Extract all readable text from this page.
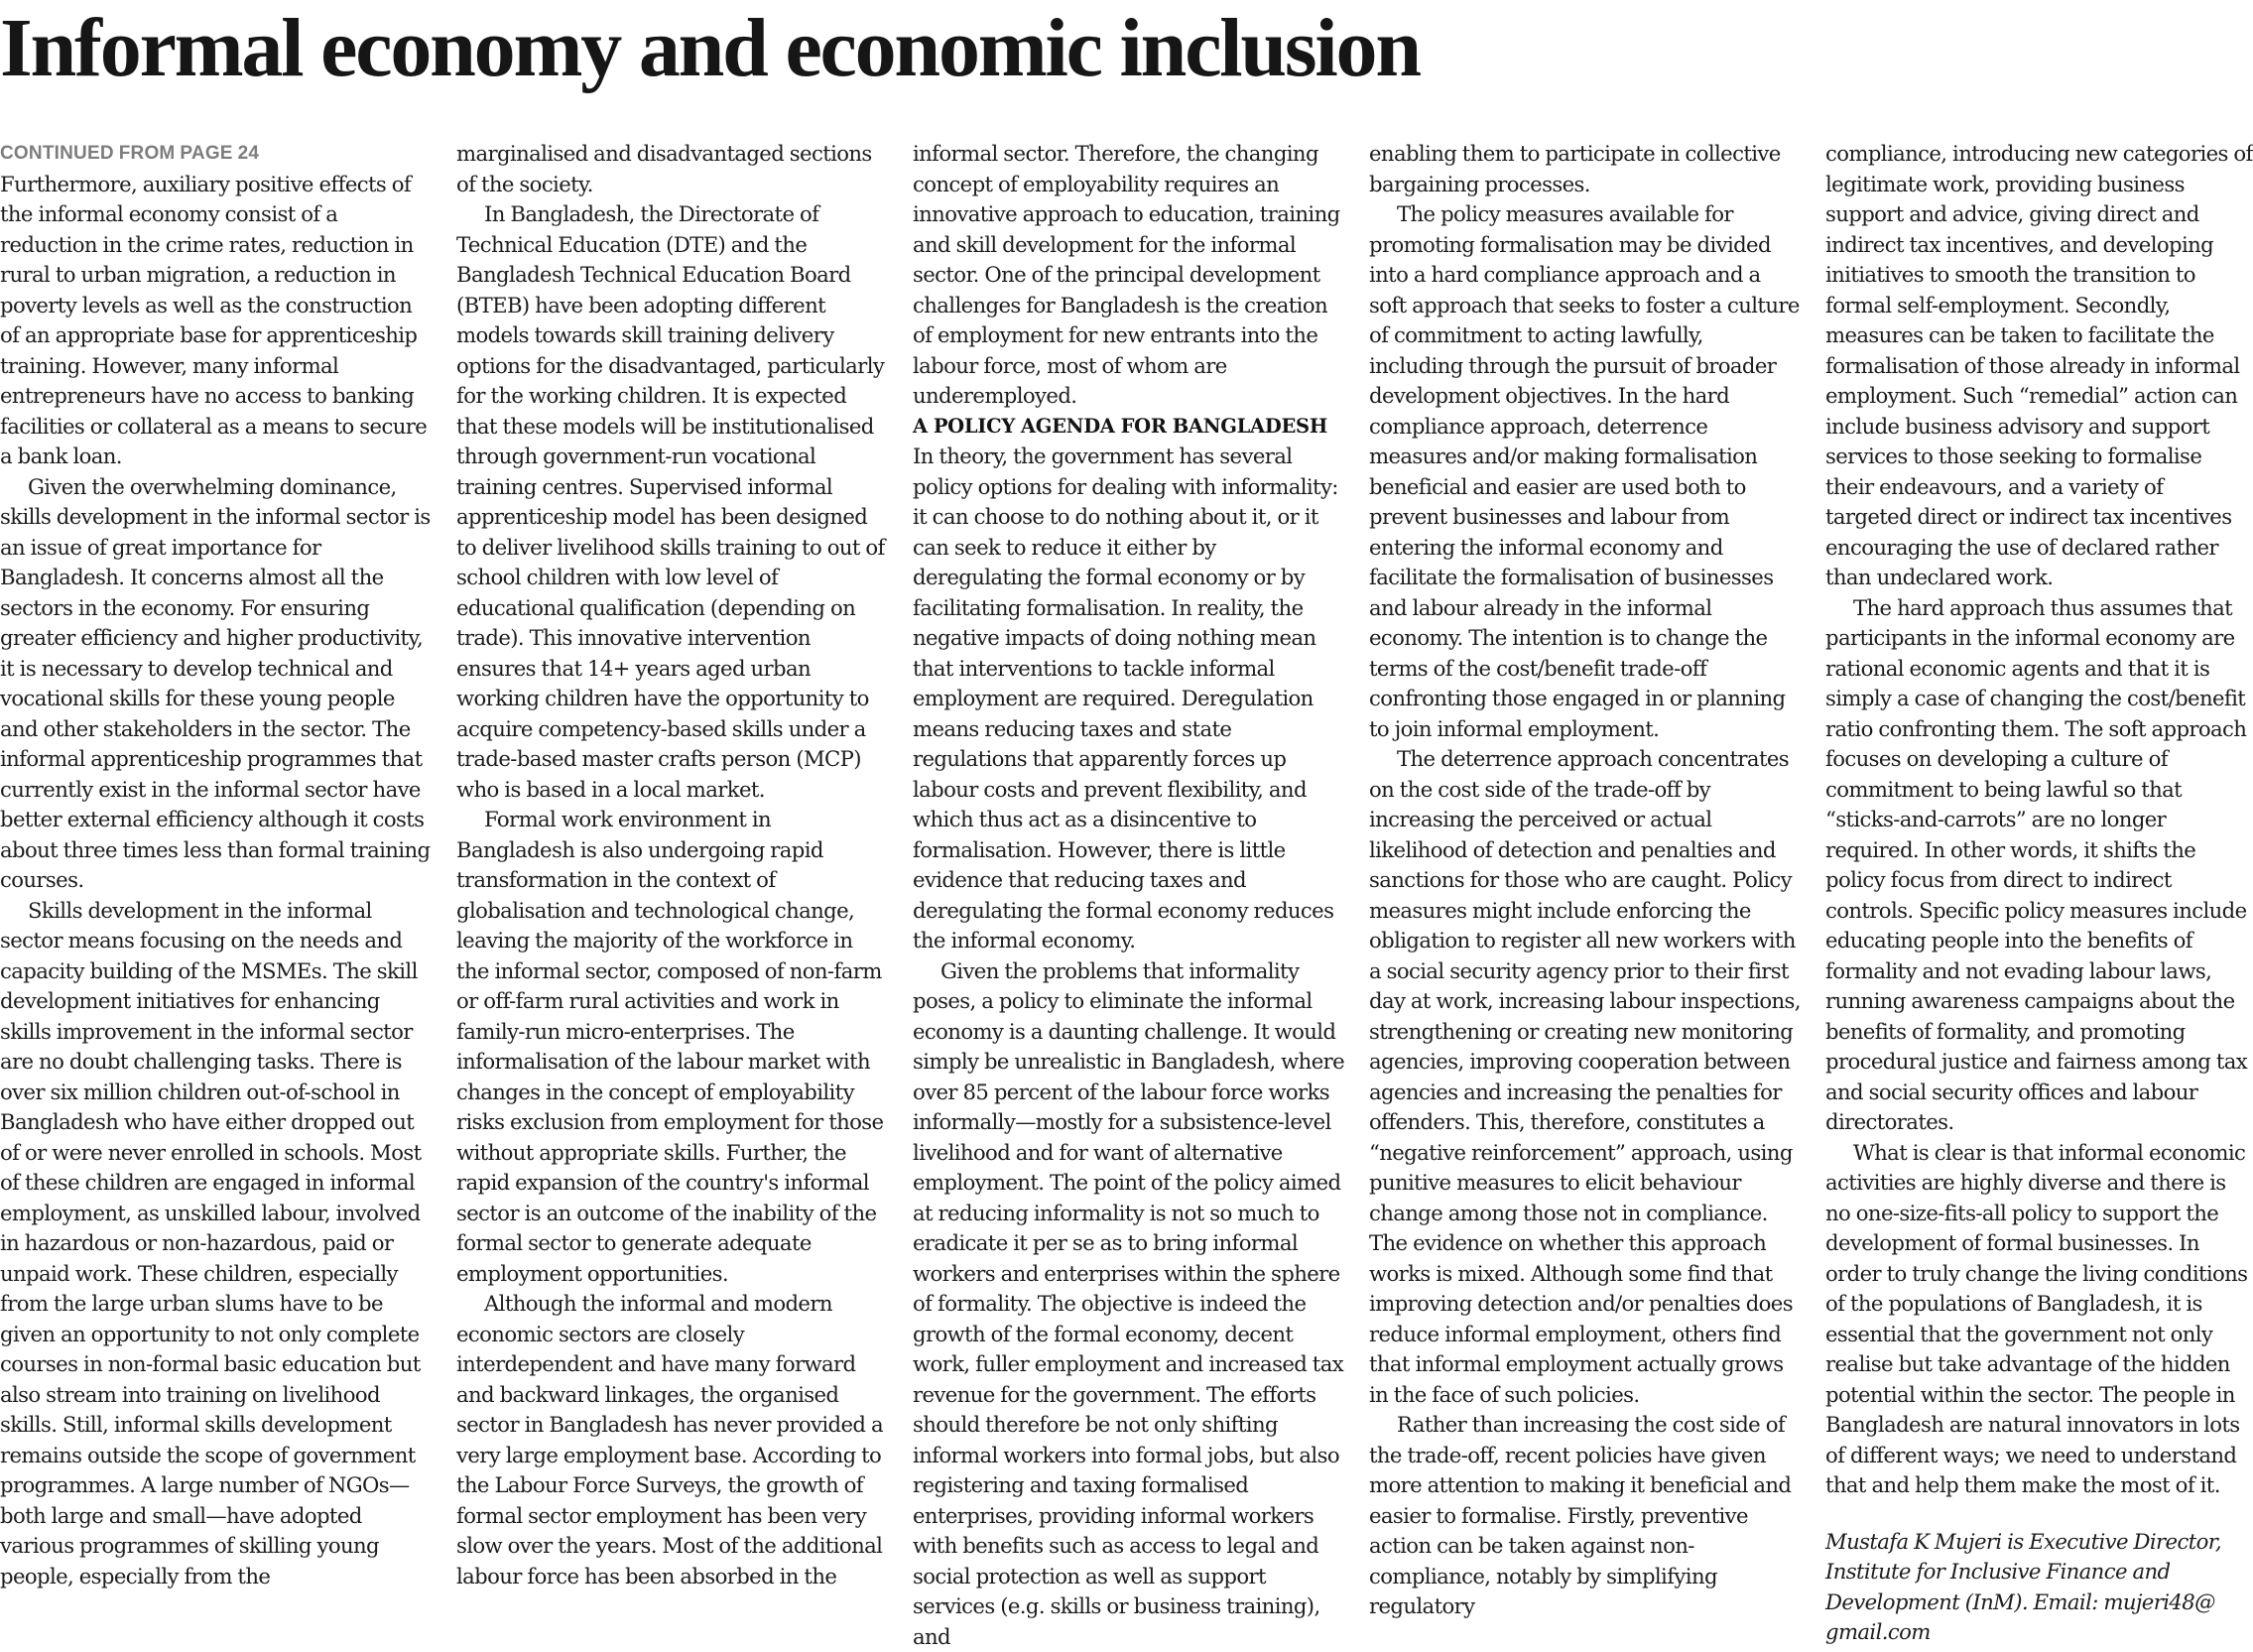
Informal economy and economic inclusion
CONTINUED FROM PAGE 24

Furthermore, auxiliary positive effects of the informal economy consist of a reduction in the crime rates, reduction in rural to urban migration, a reduction in poverty levels as well as the construction of an appropriate base for apprenticeship training. However, many informal entrepreneurs have no access to banking facilities or collateral as a means to secure a bank loan.

Given the overwhelming dominance, skills development in the informal sector is an issue of great importance for Bangladesh. It concerns almost all the sectors in the economy. For ensuring greater efficiency and higher productivity, it is necessary to develop technical and vocational skills for these young people and other stakeholders in the sector. The informal apprenticeship programmes that currently exist in the informal sector have better external efficiency although it costs about three times less than formal training courses.

Skills development in the informal sector means focusing on the needs and capacity building of the MSMEs. The skill development initiatives for enhancing skills improvement in the informal sector are no doubt challenging tasks. There is over six million children out-of-school in Bangladesh who have either dropped out of or were never enrolled in schools. Most of these children are engaged in informal employment, as unskilled labour, involved in hazardous or non-hazardous, paid or unpaid work. These children, especially from the large urban slums have to be given an opportunity to not only complete courses in non-formal basic education but also stream into training on livelihood skills. Still, informal skills development remains outside the scope of government programmes. A large number of NGOs—both large and small—have adopted various programmes of skilling young people, especially from the

marginalised and disadvantaged sections of the society.

In Bangladesh, the Directorate of Technical Education (DTE) and the Bangladesh Technical Education Board (BTEB) have been adopting different models towards skill training delivery options for the disadvantaged, particularly for the working children. It is expected that these models will be institutionalised through government-run vocational training centres. Supervised informal apprenticeship model has been designed to deliver livelihood skills training to out of school children with low level of educational qualification (depending on trade). This innovative intervention ensures that 14+ years aged urban working children have the opportunity to acquire competency-based skills under a trade-based master crafts person (MCP) who is based in a local market.

Formal work environment in Bangladesh is also undergoing rapid transformation in the context of globalisation and technological change, leaving the majority of the workforce in the informal sector, composed of non-farm or off-farm rural activities and work in family-run micro-enterprises. The informalisation of the labour market with changes in the concept of employability risks exclusion from employment for those without appropriate skills. Further, the rapid expansion of the country's informal sector is an outcome of the inability of the formal sector to generate adequate employment opportunities.

Although the informal and modern economic sectors are closely interdependent and have many forward and backward linkages, the organised sector in Bangladesh has never provided a very large employment base. According to the Labour Force Surveys, the growth of formal sector employment has been very slow over the years. Most of the additional labour force has been absorbed in the

informal sector. Therefore, the changing concept of employability requires an innovative approach to education, training and skill development for the informal sector. One of the principal development challenges for Bangladesh is the creation of employment for new entrants into the labour force, most of whom are underemployed.

A POLICY AGENDA FOR BANGLADESH

In theory, the government has several policy options for dealing with informality: it can choose to do nothing about it, or it can seek to reduce it either by deregulating the formal economy or by facilitating formalisation. In reality, the negative impacts of doing nothing mean that interventions to tackle informal employment are required. Deregulation means reducing taxes and state regulations that apparently forces up labour costs and prevent flexibility, and which thus act as a disincentive to formalisation. However, there is little evidence that reducing taxes and deregulating the formal economy reduces the informal economy.

Given the problems that informality poses, a policy to eliminate the informal economy is a daunting challenge. It would simply be unrealistic in Bangladesh, where over 85 percent of the labour force works informally—mostly for a subsistence-level livelihood and for want of alternative employment. The point of the policy aimed at reducing informality is not so much to eradicate it per se as to bring informal workers and enterprises within the sphere of formality. The objective is indeed the growth of the formal economy, decent work, fuller employment and increased tax revenue for the government. The efforts should therefore be not only shifting informal workers into formal jobs, but also registering and taxing formalised enterprises, providing informal workers with benefits such as access to legal and social protection as well as support services (e.g. skills or business training), and

enabling them to participate in collective bargaining processes.

The policy measures available for promoting formalisation may be divided into a hard compliance approach and a soft approach that seeks to foster a culture of commitment to acting lawfully, including through the pursuit of broader development objectives. In the hard compliance approach, deterrence measures and/or making formalisation beneficial and easier are used both to prevent businesses and labour from entering the informal economy and facilitate the formalisation of businesses and labour already in the informal economy. The intention is to change the terms of the cost/benefit trade-off confronting those engaged in or planning to join informal employment.

The deterrence approach concentrates on the cost side of the trade-off by increasing the perceived or actual likelihood of detection and penalties and sanctions for those who are caught. Policy measures might include enforcing the obligation to register all new workers with a social security agency prior to their first day at work, increasing labour inspections, strengthening or creating new monitoring agencies, improving cooperation between agencies and increasing the penalties for offenders. This, therefore, constitutes a “negative reinforcement” approach, using punitive measures to elicit behaviour change among those not in compliance. The evidence on whether this approach works is mixed. Although some find that improving detection and/or penalties does reduce informal employment, others find that informal employment actually grows in the face of such policies.

Rather than increasing the cost side of the trade-off, recent policies have given more attention to making it beneficial and easier to formalise. Firstly, preventive action can be taken against non-compliance, notably by simplifying regulatory

compliance, introducing new categories of legitimate work, providing business support and advice, giving direct and indirect tax incentives, and developing initiatives to smooth the transition to formal self-employment. Secondly, measures can be taken to facilitate the formalisation of those already in informal employment. Such “remedial” action can include business advisory and support services to those seeking to formalise their endeavours, and a variety of targeted direct or indirect tax incentives encouraging the use of declared rather than undeclared work.

The hard approach thus assumes that participants in the informal economy are rational economic agents and that it is simply a case of changing the cost/benefit ratio confronting them. The soft approach focuses on developing a culture of commitment to being lawful so that “sticks-and-carrots” are no longer required. In other words, it shifts the policy focus from direct to indirect controls. Specific policy measures include educating people into the benefits of formality and not evading labour laws, running awareness campaigns about the benefits of formality, and promoting procedural justice and fairness among tax and social security offices and labour directorates.

What is clear is that informal economic activities are highly diverse and there is no one-size-fits-all policy to support the development of formal businesses. In order to truly change the living conditions of the populations of Bangladesh, it is essential that the government not only realise but take advantage of the hidden potential within the sector. The people in Bangladesh are natural innovators in lots of different ways; we need to understand that and help them make the most of it.

Mustafa K Mujeri is Executive Director, Institute for Inclusive Finance and Development (InM). Email: mujeri48@ gmail.com
